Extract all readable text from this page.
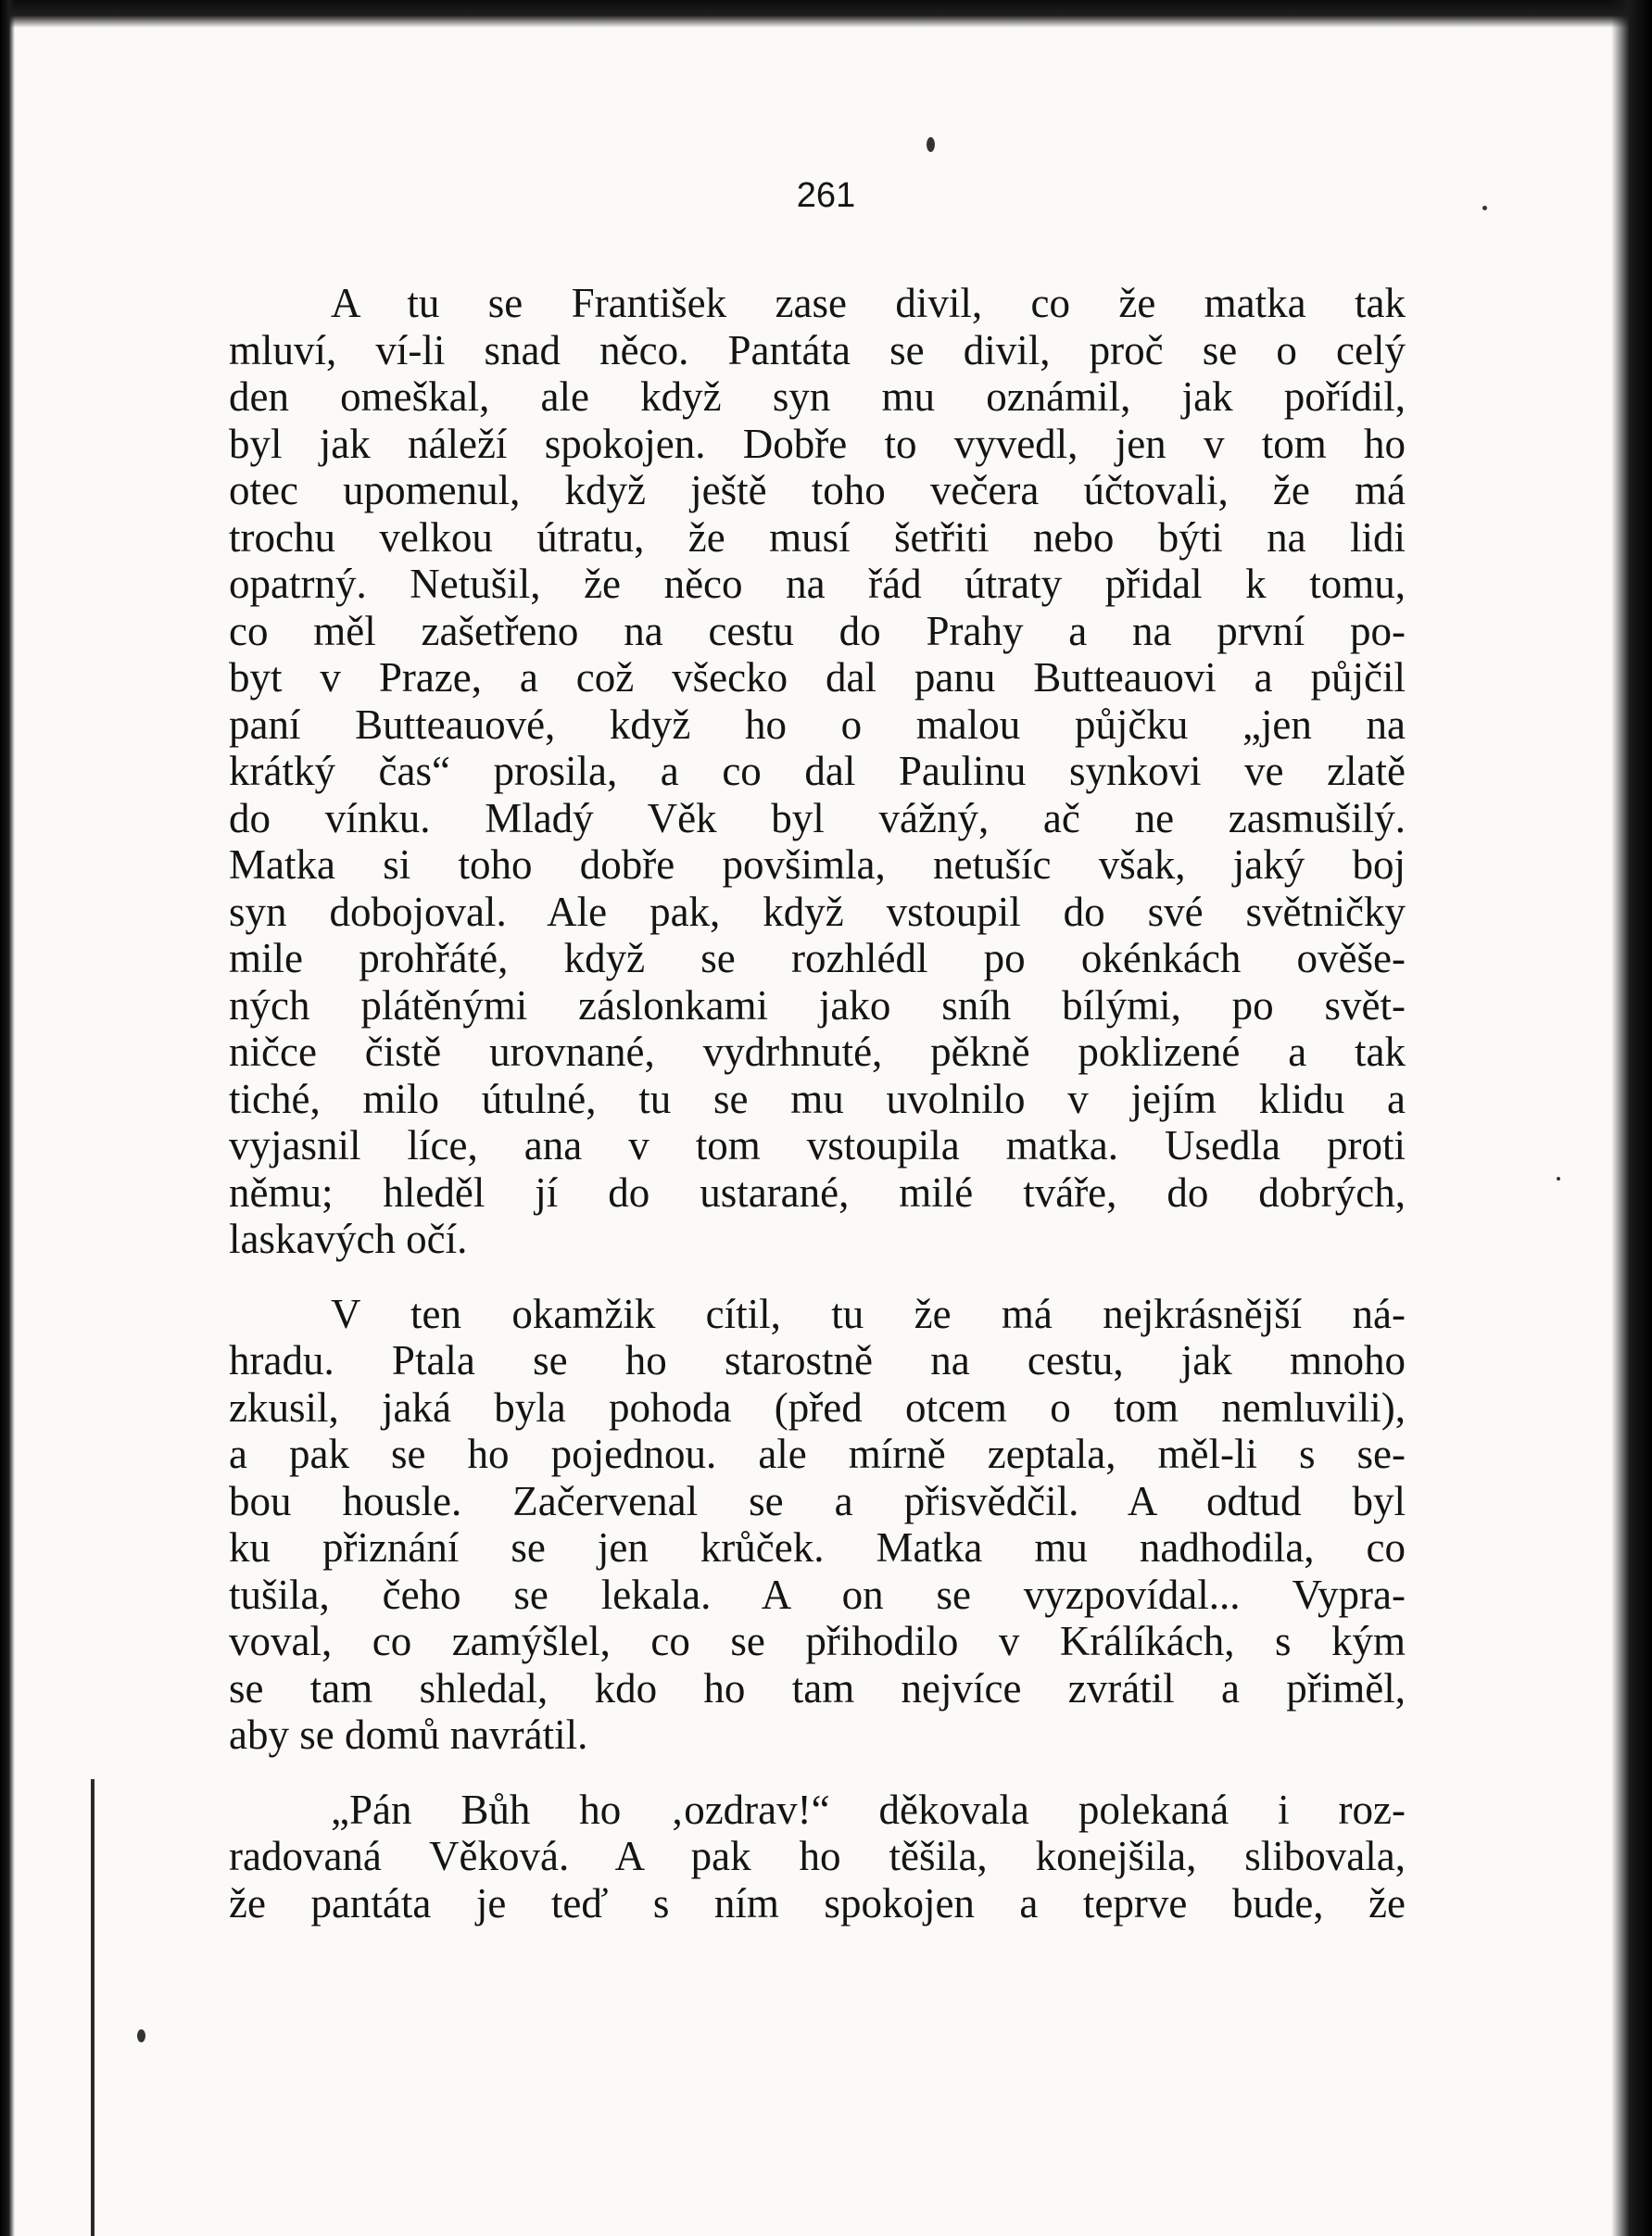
261
A tu se František zase divil, co že matka tak
mluví, ví-li snad něco. Pantáta se divil, proč se o celý
den omeškal, ale když syn mu oznámil, jak pořídil,
byl jak náleží spokojen. Dobře to vyvedl, jen v tom ho
otec upomenul, když ještě toho večera účtovali, že má
trochu velkou útratu, že musí šetřiti nebo býti na lidi
opatrný. Netušil, že něco na řád útraty přidal k tomu,
co měl zašetřeno na cestu do Prahy a na první po-
byt v Praze, a což všecko dal panu Butteauovi a půjčil
paní Butteauové, když ho o malou půjčku „jen na
krátký čas“ prosila, a co dal Paulinu synkovi ve zlatě
do vínku. Mladý Věk byl vážný, ač ne zasmušilý.
Matka si toho dobře povšimla, netušíc však, jaký boj
syn dobojoval. Ale pak, když vstoupil do své světničky
mile prohřáté, když se rozhlédl po okénkách ověše-
ných plátěnými záslonkami jako sníh bílými, po svět-
ničce čistě urovnané, vydrhnuté, pěkně poklizené a tak
tiché, milo útulné, tu se mu uvolnilo v jejím klidu a
vyjasnil líce, ana v tom vstoupila matka. Usedla proti
němu; hleděl jí do ustarané, milé tváře, do dobrých,
laskavých očí.
V ten okamžik cítil, tu že má nejkrásnější ná-
hradu. Ptala se ho starostně na cestu, jak mnoho
zkusil, jaká byla pohoda (před otcem o tom nemluvili),
a pak se ho pojednou. ale mírně zeptala, měl-li s se-
bou housle. Začervenal se a přisvědčil. A odtud byl
ku přiznání se jen krůček. Matka mu nadhodila, co
tušila, čeho se lekala. A on se vyzpovídal... Vypra-
voval, co zamýšlel, co se přihodilo v Králíkách, s kým
se tam shledal, kdo ho tam nejvíce zvrátil a přiměl,
aby se domů navrátil.
„Pán Bůh ho ‚ozdrav!“ děkovala polekaná i roz-
radovaná Věková. A pak ho těšila, konejšila, slibovala,
že pantáta je teď s ním spokojen a teprve bude, že
